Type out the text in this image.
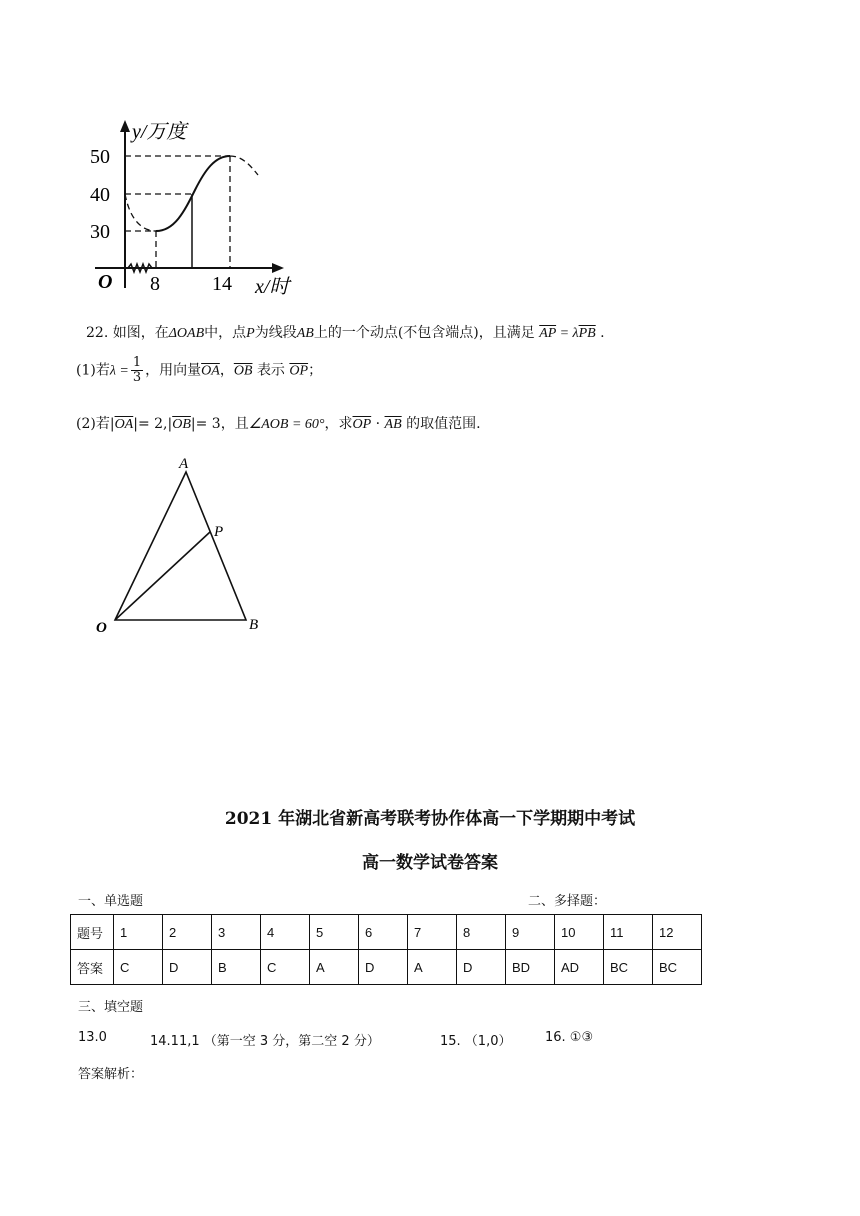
y/万度
50
40
30
O 8	14 x/时
22. 如图，在ΔOAB中，点P为线段AB上的一个动点(不包含端点)，且满足 $\overline{AP} = \lambda\overline{PB}$ .
(1)若$\lambda = \frac{1}{3}$ ，用向量$\overline{OA}$，$\overline{OB}$ 表示 $\overline{OP}$；
(2)若$|\overline{OA}|= 2,|\overline{OB}|= 3$，且∠AOB = 60°，求$\overline{OP} \cdot \overline{AB}$ 的取值范围.
A
P
O	B
2021 年湖北省新高考联考协作体高一下学期期中考试
高一数学试卷答案
一、单选题	二、多择题：
题号	1	2	3	4	5	6	7	8	9	10	11	12
答案	C	D	B	C	A	D	A	D	BD	AD	BC	BC
三、填空题
13.0	14.11,1 （第一空 3 分，第二空 2 分）	15. （1,0）	16. ①③
答案解析：
